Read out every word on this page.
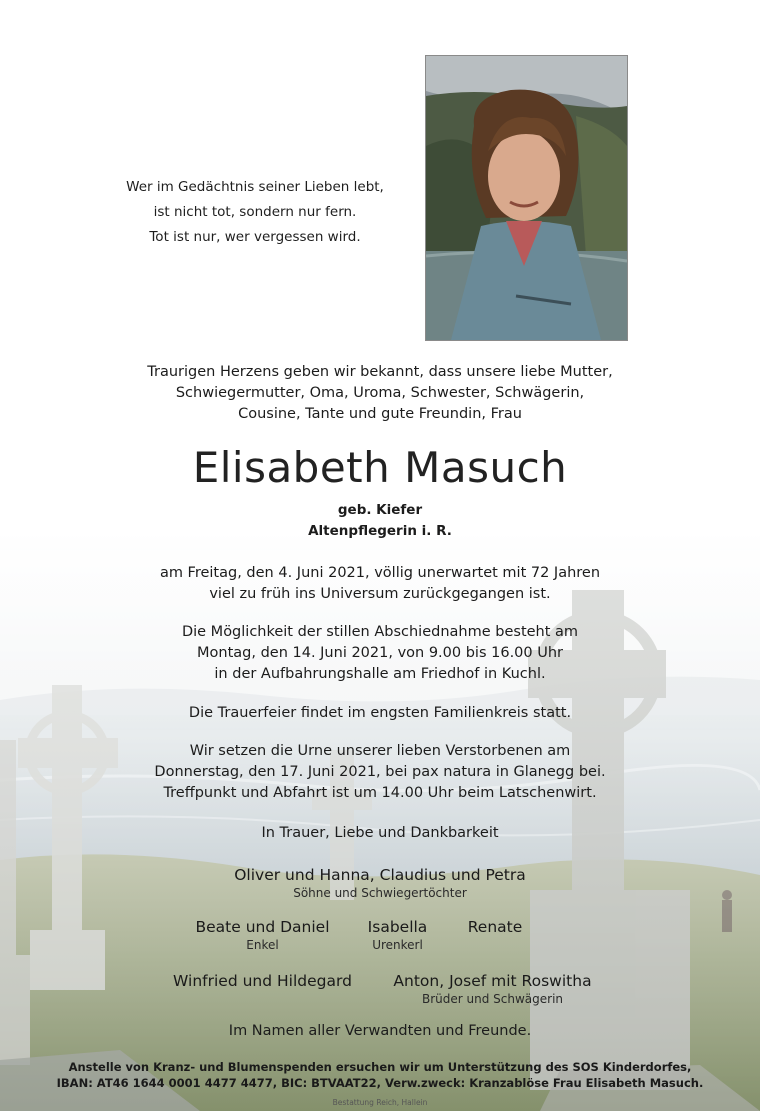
Wer im Gedächtnis seiner Lieben lebt,
ist nicht tot, sondern nur fern.
Tot ist nur, wer vergessen wird.
Traurigen Herzens geben wir bekannt, dass unsere liebe Mutter,
Schwiegermutter, Oma, Uroma, Schwester, Schwägerin,
Cousine, Tante und gute Freundin, Frau
Elisabeth Masuch
geb. Kiefer
Altenpflegerin i. R.
am Freitag, den 4. Juni 2021, völlig unerwartet mit 72 Jahren
viel zu früh ins Universum zurückgegangen ist.
Die Möglichkeit der stillen Abschiednahme besteht am
Montag, den 14. Juni 2021, von 9.00 bis 16.00 Uhr
in der Aufbahrungshalle am Friedhof in Kuchl.
Die Trauerfeier findet im engsten Familienkreis statt.
Wir setzen die Urne unserer lieben Verstorbenen am
Donnerstag, den 17. Juni 2021, bei pax natura in Glanegg bei.
Treffpunkt und Abfahrt ist um 14.00 Uhr beim Latschenwirt.
In Trauer, Liebe und Dankbarkeit
Oliver und Hanna, Claudius und Petra
Söhne und Schwiegertöchter
Beate und Daniel
Enkel
Isabella
Urenkerl
Renate
Winfried und Hildegard	Anton, Josef mit Roswitha
Brüder und Schwägerin
Im Namen aller Verwandten und Freunde.
Anstelle von Kranz- und Blumenspenden ersuchen wir um Unterstützung des SOS Kinderdorfes,
IBAN: AT46 1644 0001 4477 4477, BIC: BTVAAT22, Verw.zweck: Kranzablöse Frau Elisabeth Masuch.
Bestattung Reich, Hallein
